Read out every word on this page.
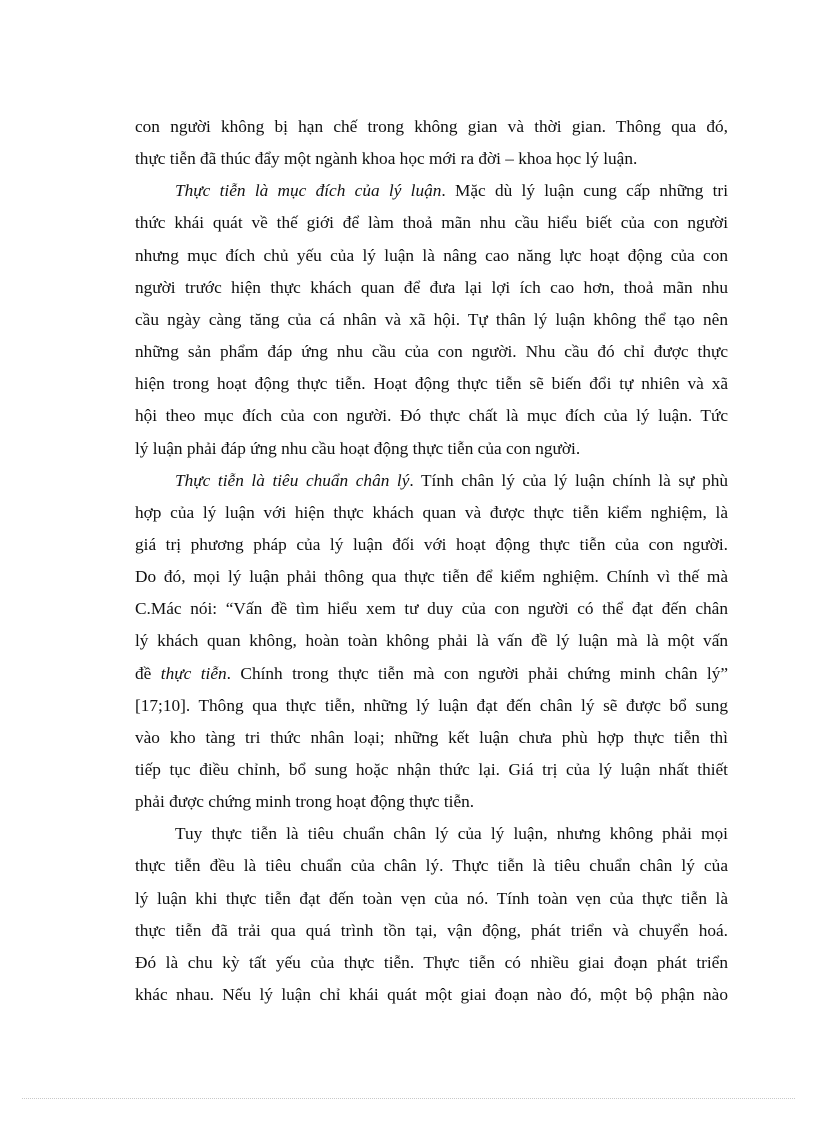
con người không bị hạn chế trong không gian và thời gian. Thông qua đó,
thực tiễn đã thúc đẩy một ngành khoa học mới ra đời – khoa học lý luận.
Thực tiễn là mục đích của lý luận. Mặc dù lý luận cung cấp những tri
thức khái quát về thế giới để làm thoả mãn nhu cầu hiểu biết của con người
nhưng mục đích chủ yếu của lý luận là nâng cao năng lực hoạt động của con
người trước hiện thực khách quan để đưa lại lợi ích cao hơn, thoả mãn nhu
cầu ngày càng tăng của cá nhân và xã hội. Tự thân lý luận không thể tạo nên
những sản phẩm đáp ứng nhu cầu của con người. Nhu cầu đó chỉ được thực
hiện trong hoạt động thực tiễn. Hoạt động thực tiễn sẽ biến đổi tự nhiên và xã
hội theo mục đích của con người. Đó thực chất là mục đích của lý luận. Tức
lý luận phải đáp ứng nhu cầu hoạt động thực tiễn của con người.
Thực tiễn là tiêu chuẩn chân lý. Tính chân lý của lý luận chính là sự phù
hợp của lý luận với hiện thực khách quan và được thực tiễn kiểm nghiệm, là
giá trị phương pháp của lý luận đối với hoạt động thực tiễn của con người.
Do đó, mọi lý luận phải thông qua thực tiễn để kiểm nghiệm. Chính vì thế mà
C.Mác nói: “Vấn đề tìm hiểu xem tư duy của con người có thể đạt đến chân
lý khách quan không, hoàn toàn không phải là vấn đề lý luận mà là một vấn
đề thực tiễn. Chính trong thực tiễn mà con người phải chứng minh chân lý”
[17;10]. Thông qua thực tiễn, những lý luận đạt đến chân lý sẽ được bổ sung
vào kho tàng tri thức nhân loại; những kết luận chưa phù hợp thực tiễn thì
tiếp tục điều chỉnh, bổ sung hoặc nhận thức lại. Giá trị của lý luận nhất thiết
phải được chứng minh trong hoạt động thực tiễn.
Tuy thực tiễn là tiêu chuẩn chân lý của lý luận, nhưng không phải mọi
thực tiễn đều là tiêu chuẩn của chân lý. Thực tiễn là tiêu chuẩn chân lý của
lý luận khi thực tiễn đạt đến toàn vẹn của nó. Tính toàn vẹn của thực tiễn là
thực tiễn đã trải qua quá trình tồn tại, vận động, phát triển và chuyển hoá.
Đó là chu kỳ tất yếu của thực tiễn. Thực tiễn có nhiều giai đoạn phát triển
khác nhau. Nếu lý luận chỉ khái quát một giai đoạn nào đó, một bộ phận nào
